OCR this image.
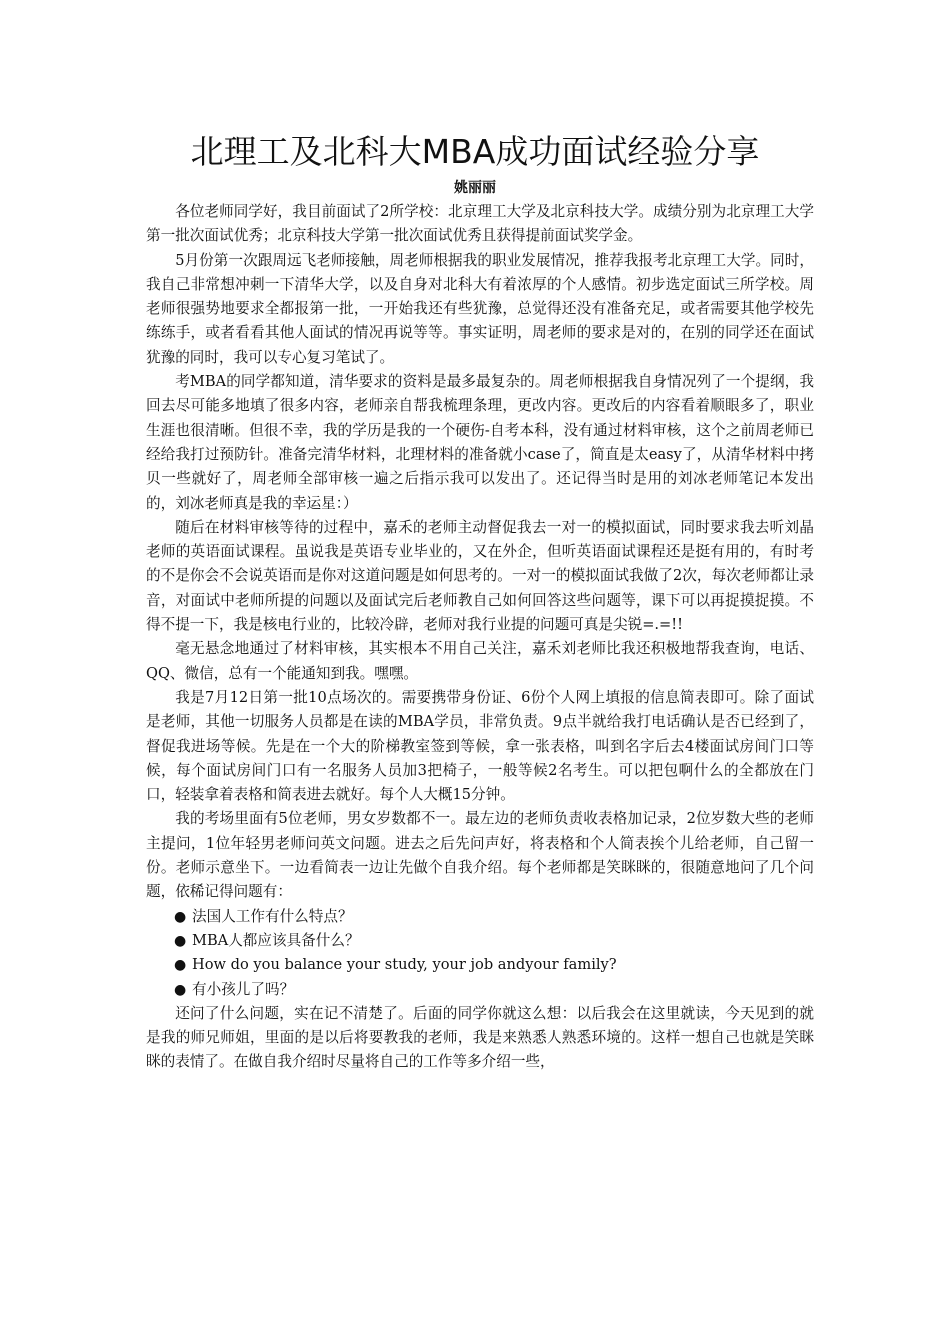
北理工及北科大MBA成功面试经验分享
姚丽丽

各位老师同学好，我目前面试了2所学校：北京理工大学及北京科技大学。成绩分别为北京理工大学第一批次面试优秀；北京科技大学第一批次面试优秀且获得提前面试奖学金。

5月份第一次跟周远飞老师接触，周老师根据我的职业发展情况，推荐我报考北京理工大学。同时，我自己非常想冲刺一下清华大学，以及自身对北科大有着浓厚的个人感情。初步选定面试三所学校。周老师很强势地要求全都报第一批，一开始我还有些犹豫，总觉得还没有准备充足，或者需要其他学校先练练手，或者看看其他人面试的情况再说等等。事实证明，周老师的要求是对的，在别的同学还在面试犹豫的同时，我可以专心复习笔试了。

考MBA的同学都知道，清华要求的资料是最多最复杂的。周老师根据我自身情况列了一个提纲，我回去尽可能多地填了很多内容，老师亲自帮我梳理条理，更改内容。更改后的内容看着顺眼多了，职业生涯也很清晰。但很不幸，我的学历是我的一个硬伤-自考本科，没有通过材料审核，这个之前周老师已经给我打过预防针。准备完清华材料，北理材料的准备就小case了，简直是太easy了，从清华材料中拷贝一些就好了，周老师全部审核一遍之后指示我可以发出了。还记得当时是用的刘冰老师笔记本发出的，刘冰老师真是我的幸运星：）

随后在材料审核等待的过程中，嘉禾的老师主动督促我去一对一的模拟面试，同时要求我去听刘晶老师的英语面试课程。虽说我是英语专业毕业的，又在外企，但听英语面试课程还是挺有用的，有时考的不是你会不会说英语而是你对这道问题是如何思考的。一对一的模拟面试我做了2次，每次老师都让录音，对面试中老师所提的问题以及面试完后老师教自己如何回答这些问题等，课下可以再捉摸捉摸。不得不提一下，我是核电行业的，比较冷辟，老师对我行业提的问题可真是尖锐=.=!!

毫无悬念地通过了材料审核，其实根本不用自己关注，嘉禾刘老师比我还积极地帮我查询，电话、QQ、微信，总有一个能通知到我。嘿嘿。

我是7月12日第一批10点场次的。需要携带身份证、6份个人网上填报的信息简表即可。除了面试是老师，其他一切服务人员都是在读的MBA学员，非常负责。9点半就给我打电话确认是否已经到了，督促我进场等候。先是在一个大的阶梯教室签到等候，拿一张表格，叫到名字后去4楼面试房间门口等候，每个面试房间门口有一名服务人员加3把椅子，一般等候2名考生。可以把包啊什么的全都放在门口，轻装拿着表格和简表进去就好。每个人大概15分钟。

我的考场里面有5位老师，男女岁数都不一。最左边的老师负责收表格加记录，2位岁数大些的老师主提问，1位年轻男老师问英文问题。进去之后先问声好，将表格和个人简表挨个儿给老师，自己留一份。老师示意坐下。一边看简表一边让先做个自我介绍。每个老师都是笑眯眯的，很随意地问了几个问题，依稀记得问题有：

● 法国人工作有什么特点？
● MBA人都应该具备什么？
● How do you balance your study, your job andyour family?
● 有小孩儿了吗？

还问了什么问题，实在记不清楚了。后面的同学你就这么想：以后我会在这里就读，今天见到的就是我的师兄师姐，里面的是以后将要教我的老师，我是来熟悉人熟悉环境的。这样一想自己也就是笑眯眯的表情了。在做自我介绍时尽量将自己的工作等多介绍一些，
